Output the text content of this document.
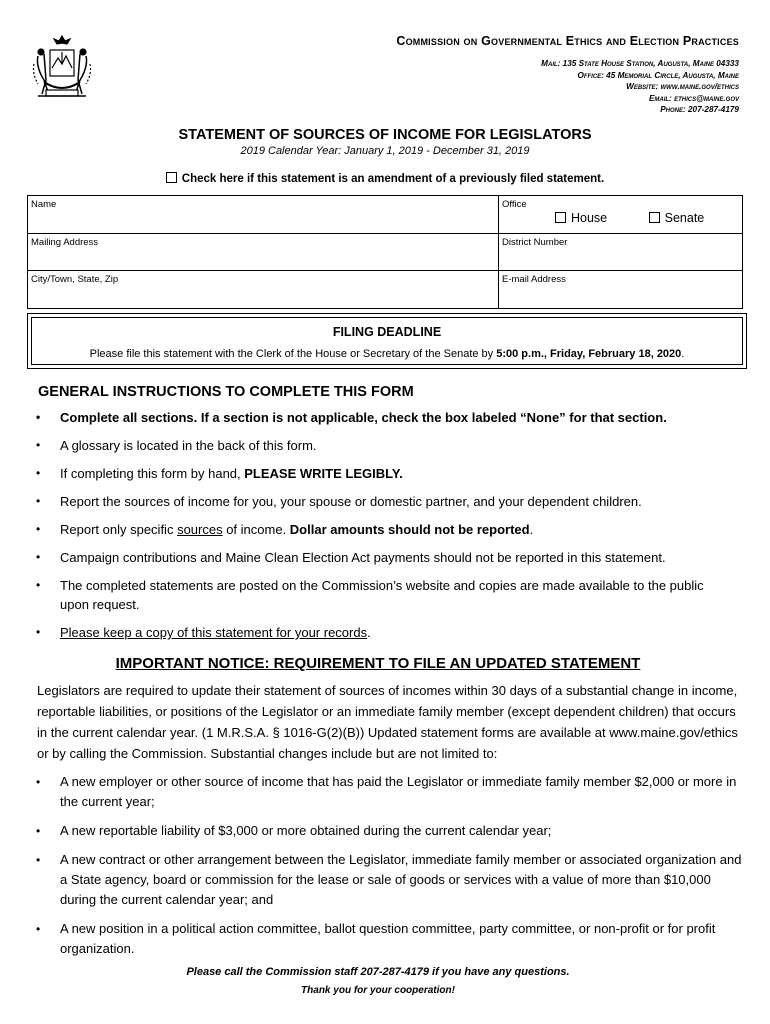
Commission on Governmental Ethics and Election Practices
Mail: 135 State House Station, Augusta, Maine 04333
Office: 45 Memorial Circle, Augusta, Maine
Website: www.maine.gov/ethics
Email: ethics@maine.gov
Phone: 207-287-4179
STATEMENT OF SOURCES OF INCOME FOR LEGISLATORS
2019 Calendar Year: January 1, 2019 - December 31, 2019
Check here if this statement is an amendment of a previously filed statement.
Name	Office
House	Senate
Mailing Address	District Number
City/Town, State, Zip	E-mail Address
FILING DEADLINE
Please file this statement with the Clerk of the House or Secretary of the Senate by 5:00 p.m., Friday, February 18, 2020.
GENERAL INSTRUCTIONS TO COMPLETE THIS FORM
• Complete all sections. If a section is not applicable, check the box labeled “None” for that section.
• A glossary is located in the back of this form.
• If completing this form by hand, PLEASE WRITE LEGIBLY.
• Report the sources of income for you, your spouse or domestic partner, and your dependent children.
• Report only specific sources of income. Dollar amounts should not be reported.
• Campaign contributions and Maine Clean Election Act payments should not be reported in this statement.
• The completed statements are posted on the Commission’s website and copies are made available to the public upon request.
• Please keep a copy of this statement for your records.
IMPORTANT NOTICE: REQUIREMENT TO FILE AN UPDATED STATEMENT

Legislators are required to update their statement of sources of incomes within 30 days of a substantial change in income, reportable liabilities, or positions of the Legislator or an immediate family member (except dependent children) that occurs in the current calendar year. (1 M.R.S.A. § 1016-G(2)(B)) Updated statement forms are available at www.maine.gov/ethics or by calling the Commission. Substantial changes include but are not limited to:

• A new employer or other source of income that has paid the Legislator or immediate family member $2,000 or more in the current year;
• A new reportable liability of $3,000 or more obtained during the current calendar year;
• A new contract or other arrangement between the Legislator, immediate family member or associated organization and a State agency, board or commission for the lease or sale of goods or services with a value of more than $10,000 during the current calendar year; and
• A new position in a political action committee, ballot question committee, party committee, or non-profit or for profit organization.
Please call the Commission staff 207-287-4179 if you have any questions.
Thank you for your cooperation!
